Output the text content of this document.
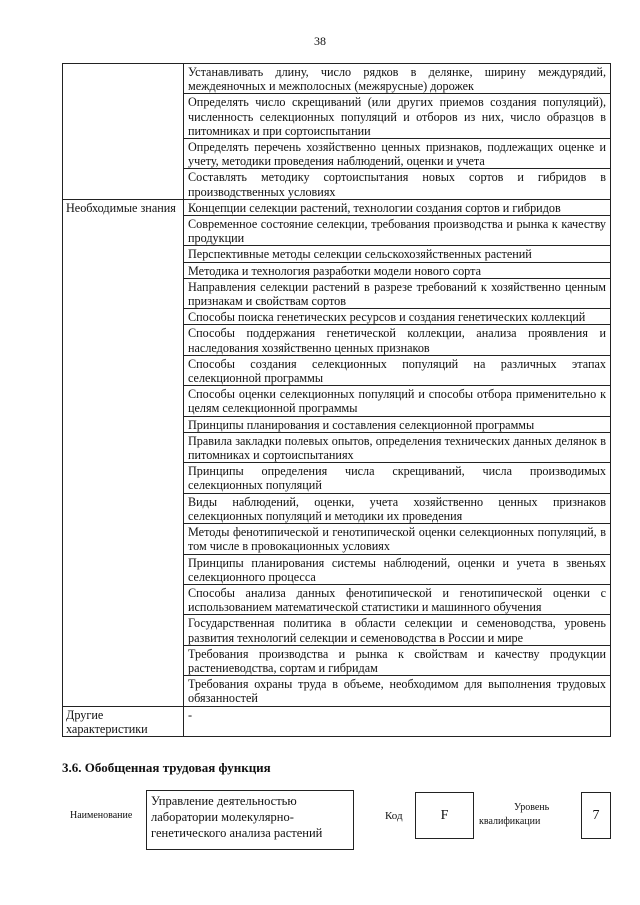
38
	Устанавливать длину, число рядков в делянке, ширину междурядий, междеяночных и межполосных (межярусные) дорожек
	Определять число скрещиваний (или других приемов создания популяций), численность селекционных популяций и отборов из них, число образцов в питомниках и при сортоиспытании
	Определять перечень хозяйственно ценных признаков, подлежащих оценке и учету, методики проведения наблюдений, оценки и учета
	Составлять методику сортоиспытания новых сортов и гибридов в производственных условиях
Необходимые знания	Концепции селекции растений, технологии создания сортов и гибридов
	Современное состояние селекции, требования производства и рынка к качеству продукции
	Перспективные методы селекции сельскохозяйственных растений
	Методика и технология разработки модели нового сорта
	Направления селекции растений в разрезе требований к хозяйственно ценным признакам и свойствам сортов
	Способы поиска генетических ресурсов и создания генетических коллекций
	Способы поддержания генетической коллекции, анализа проявления и наследования хозяйственно ценных признаков
	Способы создания селекционных популяций на различных этапах селекционной программы
	Способы оценки селекционных популяций и способы отбора применительно к целям селекционной программы
	Принципы планирования и составления селекционной программы
	Правила закладки полевых опытов, определения технических данных делянок в питомниках и сортоиспытаниях
	Принципы определения числа скрещиваний, числа производимых селекционных популяций
	Виды наблюдений, оценки, учета хозяйственно ценных признаков селекционных популяций и методики их проведения
	Методы фенотипической и генотипической оценки селекционных популяций, в том числе в провокационных условиях
	Принципы планирования системы наблюдений, оценки и учета в звеньях селекционного процесса
	Способы анализа данных фенотипической и генотипической оценки с использованием математической статистики и машинного обучения
	Государственная политика в области селекции и семеноводства, уровень развития технологий селекции и семеноводства в России и мире
	Требования производства и рынка к свойствам и качеству продукции растениеводства, сортам и гибридам
	Требования охраны труда в объеме, необходимом для выполнения трудовых обязанностей
Другие характеристики	-
3.6. Обобщенная трудовая функция
Наименование
Управление деятельностью лаборатории молекулярно-генетического анализа растений
Код	F	Уровень
квалификации	7
